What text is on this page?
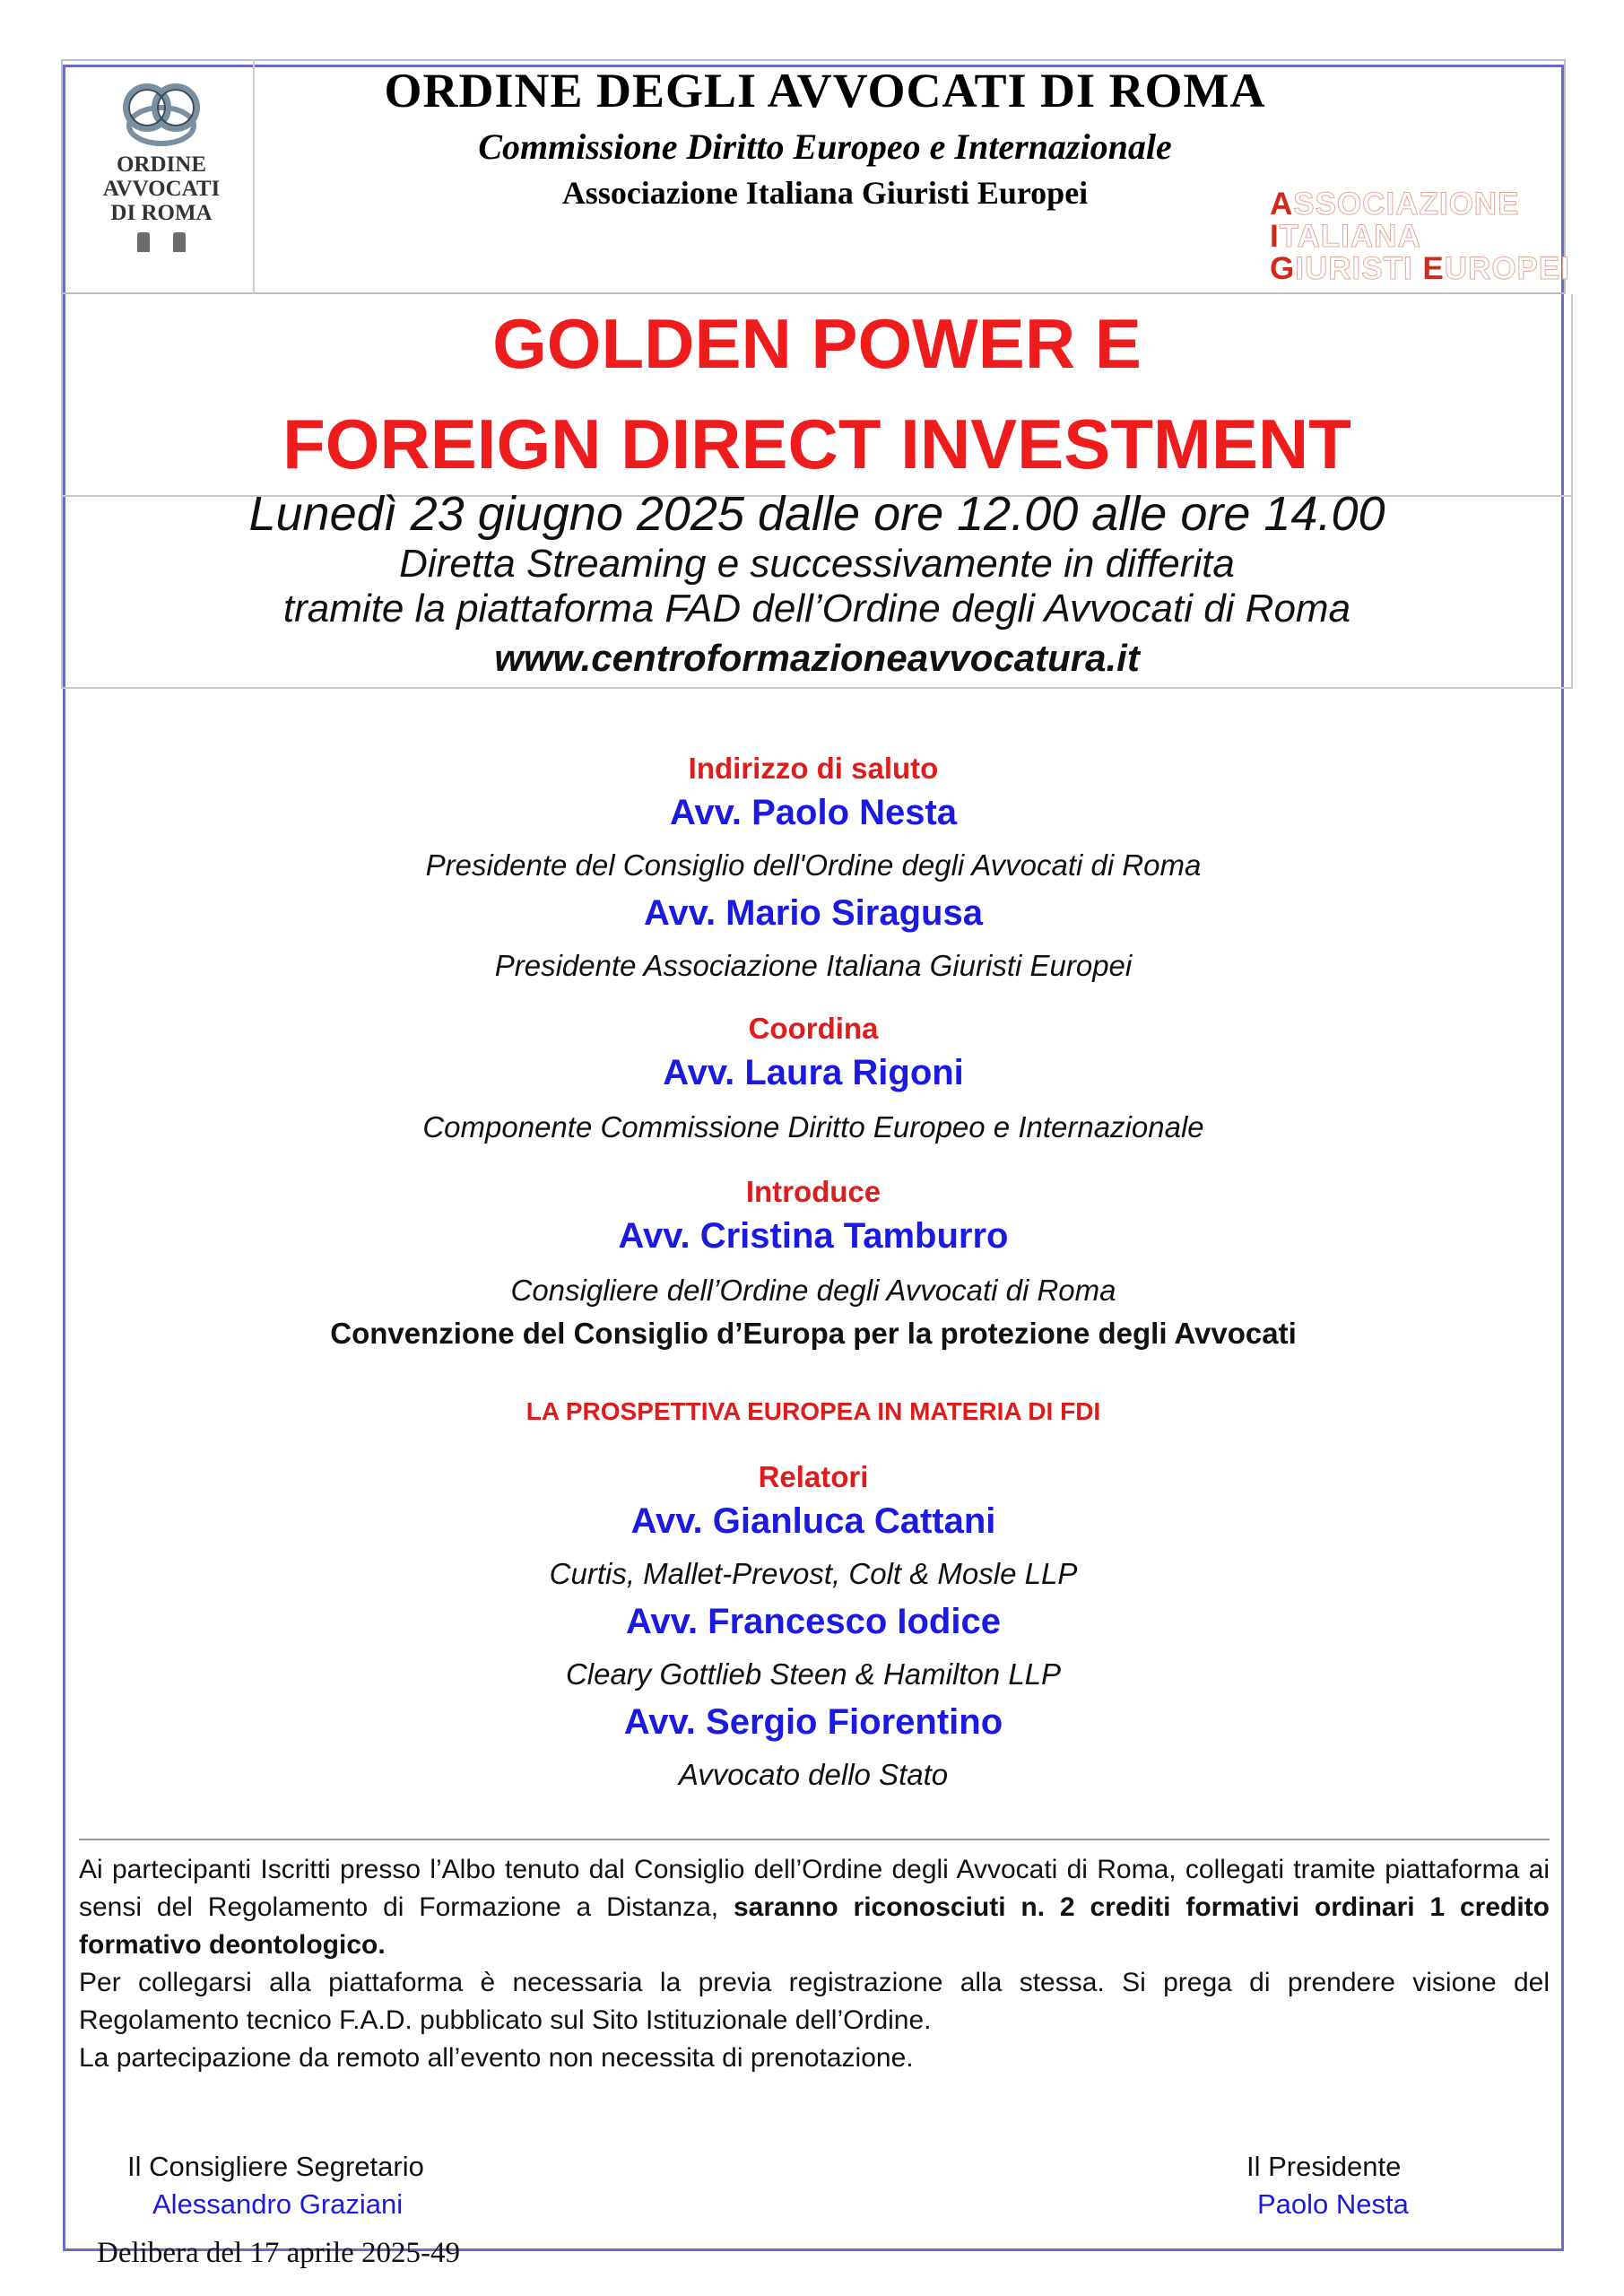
ORDINE
AVVOCATI
DI ROMA
ORDINE DEGLI AVVOCATI DI ROMA
Commissione Diritto Europeo e Internazionale
Associazione Italiana Giuristi Europei	ASSOCIAZIONE
ITALIANA
GIURISTI EUROPEI
GOLDEN POWER E
FOREIGN DIRECT INVESTMENT
Lunedì 23 giugno 2025 dalle ore 12.00 alle ore 14.00
Diretta Streaming e successivamente in differita
tramite la piattaforma FAD dell’Ordine degli Avvocati di Roma
www.centroformazioneavvocatura.it
Indirizzo di saluto
Avv. Paolo Nesta
Presidente del Consiglio dell'Ordine degli Avvocati di Roma
Avv. Mario Siragusa
Presidente Associazione Italiana Giuristi Europei
Coordina
Avv. Laura Rigoni
Componente Commissione Diritto Europeo e Internazionale
Introduce
Avv. Cristina Tamburro
Consigliere dell’Ordine degli Avvocati di Roma
Convenzione del Consiglio d’Europa per la protezione degli Avvocati
LA PROSPETTIVA EUROPEA IN MATERIA DI FDI
Relatori
Avv. Gianluca Cattani
Curtis, Mallet-Prevost, Colt & Mosle LLP
Avv. Francesco Iodice
Cleary Gottlieb Steen & Hamilton LLP
Avv. Sergio Fiorentino
Avvocato dello Stato

Ai partecipanti Iscritti presso l’Albo tenuto dal Consiglio dell’Ordine degli Avvocati di Roma, collegati tramite piattaforma ai sensi del Regolamento di Formazione a Distanza, saranno riconosciuti n. 2 crediti formativi ordinari 1 credito formativo deontologico.

Per collegarsi alla piattaforma è necessaria la previa registrazione alla stessa. Si prega di prendere visione del Regolamento tecnico F.A.D. pubblicato sul Sito Istituzionale dell’Ordine.

La partecipazione da remoto all’evento non necessita di prenotazione.

Il Consigliere Segretario
Alessandro Graziani
Il Presidente
Paolo Nesta
Delibera del 17 aprile 2025-49
